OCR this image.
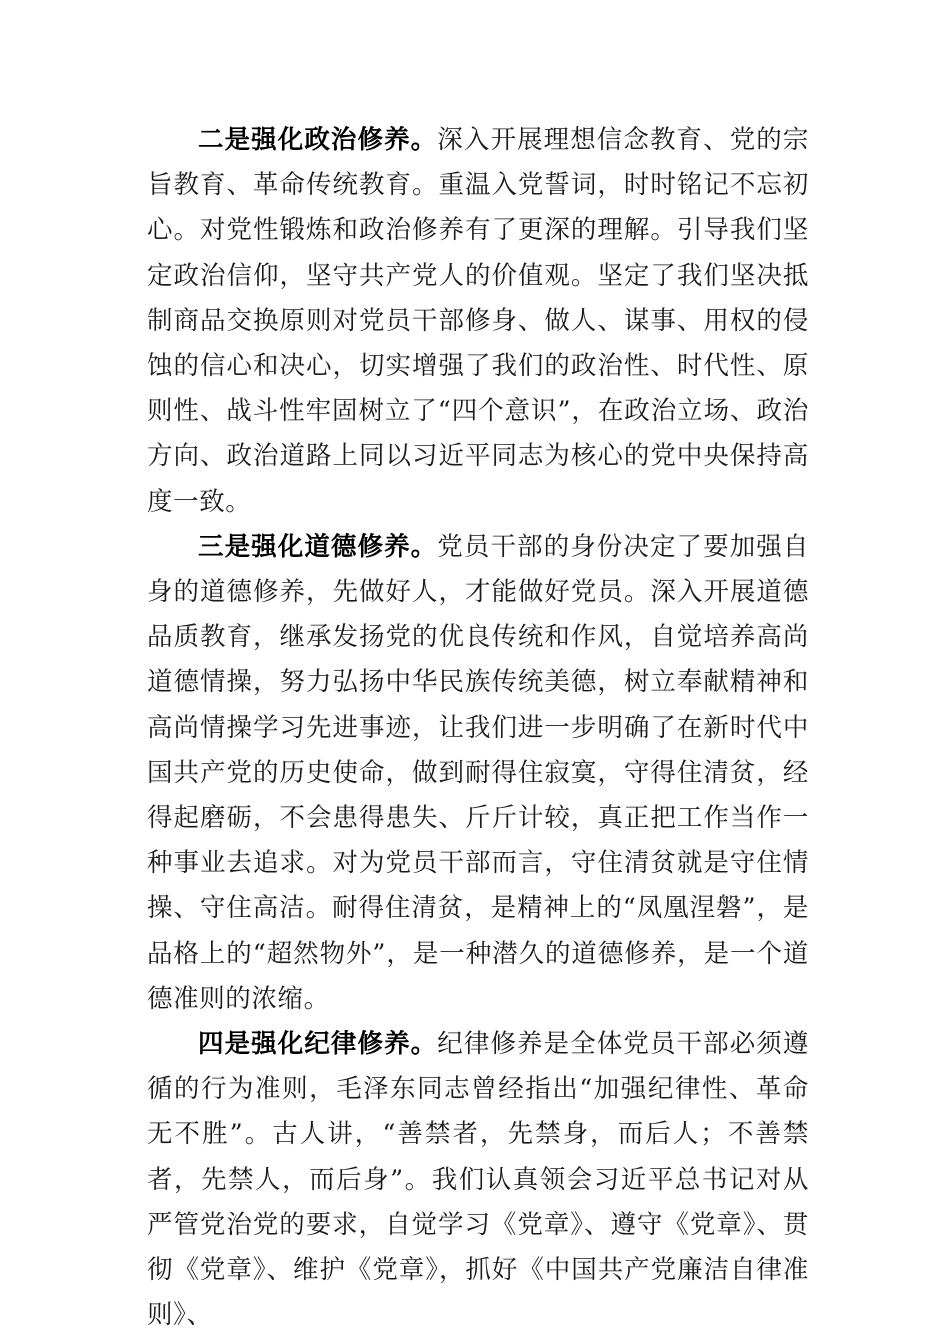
二是强化政治修养。深入开展理想信念教育、党的宗旨教育、革命传统教育。重温入党誓词，时时铭记不忘初心。对党性锻炼和政治修养有了更深的理解。引导我们坚定政治信仰，坚守共产党人的价值观。坚定了我们坚决抵制商品交换原则对党员干部修身、做人、谋事、用权的侵蚀的信心和决心，切实增强了我们的政治性、时代性、原则性、战斗性牢固树立了“四个意识”，在政治立场、政治方向、政治道路上同以习近平同志为核心的党中央保持高度一致。

三是强化道德修养。党员干部的身份决定了要加强自身的道德修养，先做好人，才能做好党员。深入开展道德品质教育，继承发扬党的优良传统和作风，自觉培养高尚道德情操，努力弘扬中华民族传统美德，树立奉献精神和高尚情操学习先进事迹，让我们进一步明确了在新时代中国共产党的历史使命，做到耐得住寂寞，守得住清贫，经得起磨砺，不会患得患失、斤斤计较，真正把工作当作一种事业去追求。对为党员干部而言，守住清贫就是守住情操、守住高洁。耐得住清贫，是精神上的“凤凰涅磐”，是品格上的“超然物外”，是一种潜久的道德修养，是一个道德准则的浓缩。

四是强化纪律修养。纪律修养是全体党员干部必须遵循的行为准则，毛泽东同志曾经指出“加强纪律性、革命无不胜”。古人讲，“善禁者，先禁身，而后人；不善禁者，先禁人，而后身”。我们认真领会习近平总书记对从严管党治党的要求，自觉学习《党章》、遵守《党章》、贯彻《党章》、维护《党章》，抓好《中国共产党廉洁自律准则》、
